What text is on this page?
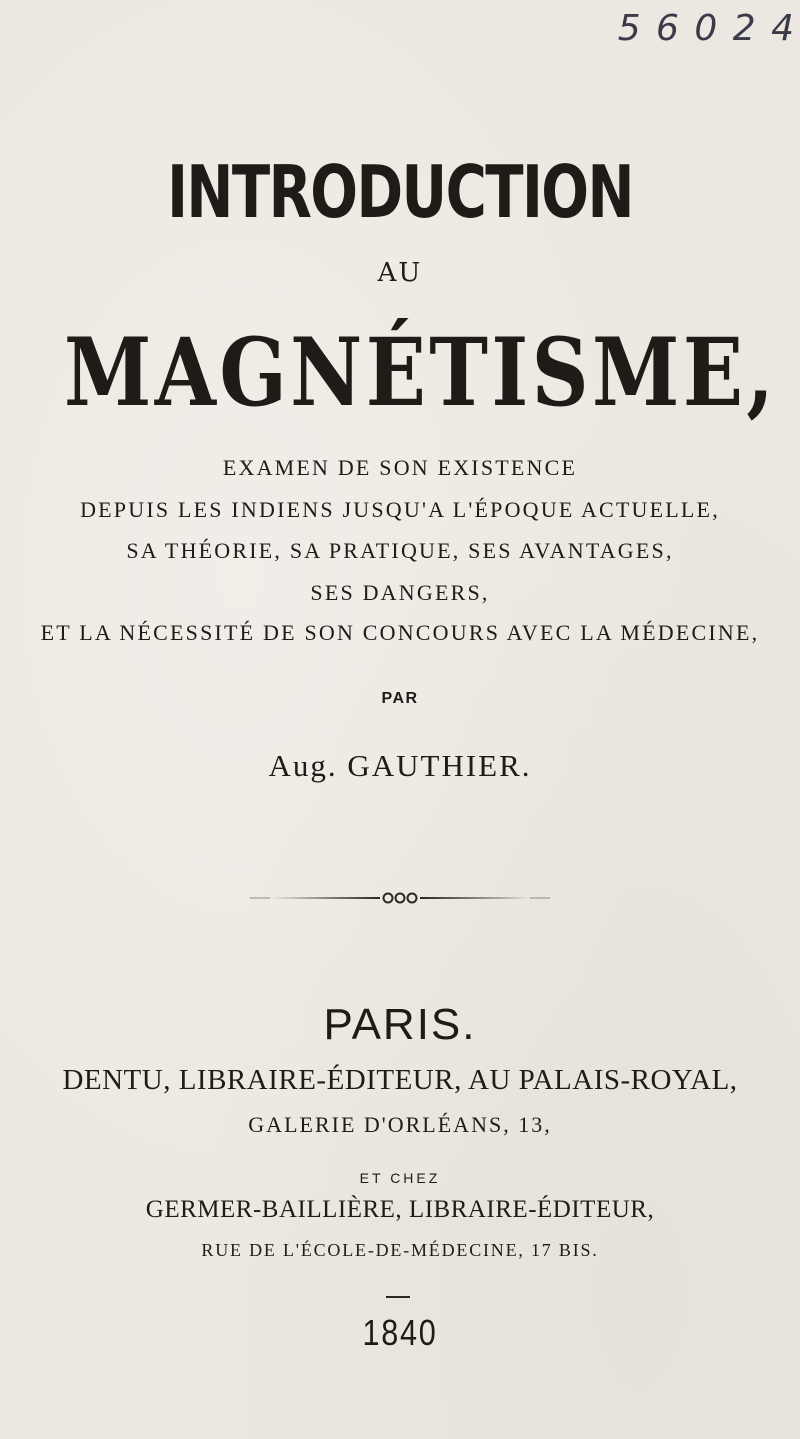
5 6 0 2 4
INTRODUCTION
AU
MAGNÉTISME,
EXAMEN DE SON EXISTENCE
DEPUIS LES INDIENS JUSQU'A L'ÉPOQUE ACTUELLE,
SA THÉORIE, SA PRATIQUE, SES AVANTAGES,
SES DANGERS,
ET LA NÉCESSITÉ DE SON CONCOURS AVEC LA MÉDECINE,
PAR
Aug. GAUTHIER.
PARIS.
DENTU, LIBRAIRE-ÉDITEUR, AU PALAIS-ROYAL,
GALERIE D'ORLÉANS, 13,
ET CHEZ
GERMER-BAILLIÈRE, LIBRAIRE-ÉDITEUR,
RUE DE L'ÉCOLE-DE-MÉDECINE, 17 BIS.
1840
